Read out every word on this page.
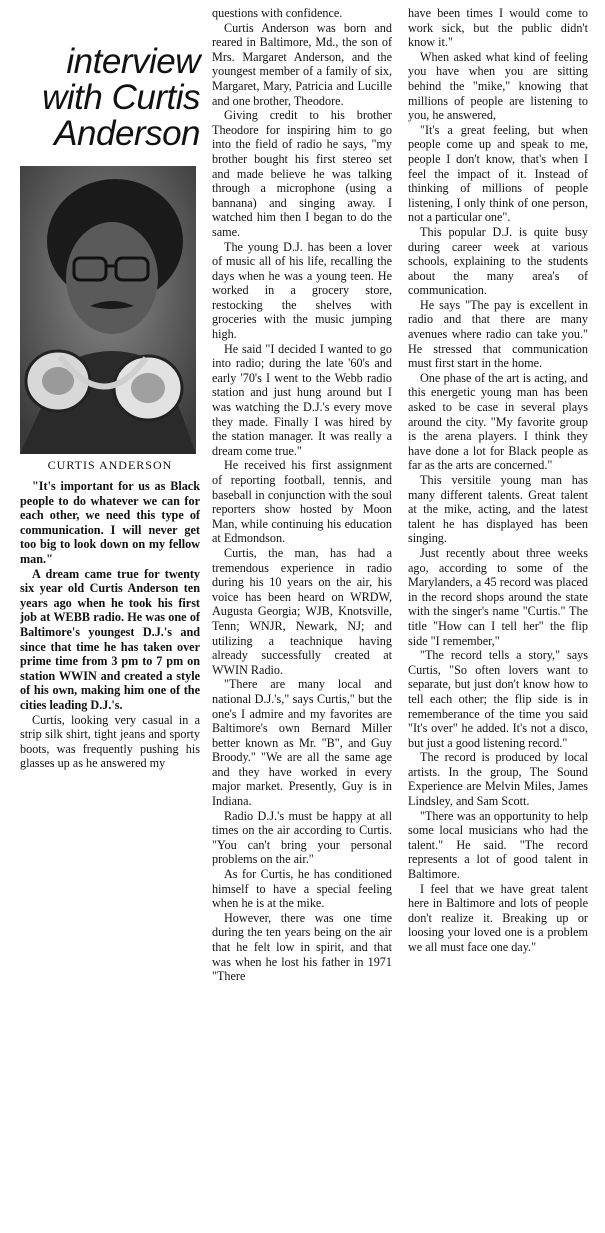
interview
with Curtis
Anderson
CURTIS ANDERSON

"It's important for us as Black people to do whatever we can for each other, we need this type of communication. I will never get too big to look down on my fellow man."

A dream came true for twenty six year old Curtis Anderson ten years ago when he took his first job at WEBB radio. He was one of Baltimore's youngest D.J.'s and since that time he has taken over prime time from 3 pm to 7 pm on station WWIN and created a style of his own, making him one of the cities leading D.J.'s.

Curtis, looking very casual in a strip silk shirt, tight jeans and sporty boots, was frequently pushing his glasses up as he answered my

questions with confidence.

Curtis Anderson was born and reared in Baltimore, Md., the son of Mrs. Margaret Anderson, and the youngest member of a family of six, Margaret, Mary, Patricia and Lucille and one brother, Theodore.

Giving credit to his brother Theodore for inspiring him to go into the field of radio he says, "my brother bought his first stereo set and made believe he was talking through a microphone (using a bannana) and singing away. I watched him then I began to do the same.

The young D.J. has been a lover of music all of his life, recalling the days when he was a young teen. He worked in a grocery store, restocking the shelves with groceries with the music jumping high.

He said "I decided I wanted to go into radio; during the late '60's and early '70's I went to the Webb radio station and just hung around but I was watching the D.J.'s every move they made. Finally I was hired by the station manager. It was really a dream come true."

He received his first assignment of reporting football, tennis, and baseball in conjunction with the soul reporters show hosted by Moon Man, while continuing his education at Edmondson.

Curtis, the man, has had a tremendous experience in radio during his 10 years on the air, his voice has been heard on WRDW, Augusta Georgia; WJB, Knotsville, Tenn; WNJR, Newark, NJ; and utilizing a teachnique having already successfully created at WWIN Radio.

"There are many local and national D.J.'s," says Curtis," but the one's I admire and my favorites are Baltimore's own Bernard Miller better known as Mr. "B", and Guy Broody." "We are all the same age and they have worked in every major market. Presently, Guy is in Indiana.

Radio D.J.'s must be happy at all times on the air according to Curtis. "You can't bring your personal problems on the air."

As for Curtis, he has conditioned himself to have a special feeling when he is at the mike.

However, there was one time during the ten years being on the air that he felt low in spirit, and that was when he lost his father in 1971 "There

have been times I would come to work sick, but the public didn't know it."

When asked what kind of feeling you have when you are sitting behind the "mike," knowing that millions of people are listening to you, he answered,

"It's a great feeling, but when people come up and speak to me, people I don't know, that's when I feel the impact of it. Instead of thinking of millions of people listening, I only think of one person, not a particular one".

This popular D.J. is quite busy during career week at various schools, explaining to the students about the many area's of communication.

He says "The pay is excellent in radio and that there are many avenues where radio can take you." He stressed that communication must first start in the home.

One phase of the art is acting, and this energetic young man has been asked to be case in several plays around the city. "My favorite group is the arena players. I think they have done a lot for Black people as far as the arts are concerned."

This versitile young man has many different talents. Great talent at the mike, acting, and the latest talent he has displayed has been singing.

Just recently about three weeks ago, according to some of the Marylanders, a 45 record was placed in the record shops around the state with the singer's name "Curtis." The title "How can I tell her" the flip side "I remember,"

"The record tells a story," says Curtis, "So often lovers want to separate, but just don't know how to tell each other; the flip side is in rememberance of the time you said "It's over" he added. It's not a disco, but just a good listening record."

The record is produced by local artists. In the group, The Sound Experience are Melvin Miles, James Lindsley, and Sam Scott.

"There was an opportunity to help some local musicians who had the talent." He said. "The record represents a lot of good talent in Baltimore.

I feel that we have great talent here in Baltimore and lots of people don't realize it. Breaking up or loosing your loved one is a problem we all must face one day."
